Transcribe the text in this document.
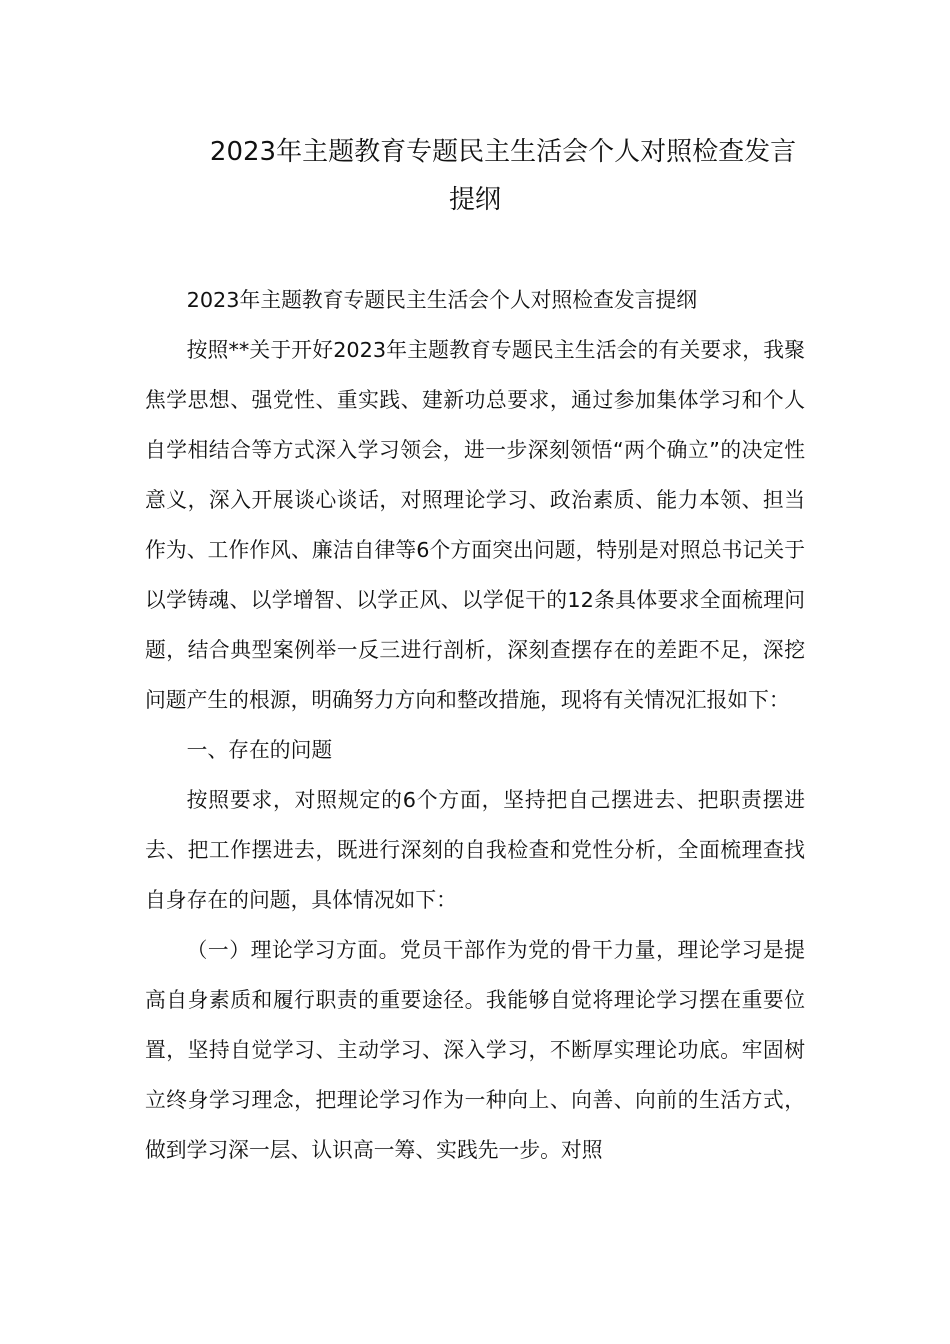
2023年主题教育专题民主生活会个人对照检查发言提纲

2023年主题教育专题民主生活会个人对照检查发言提纲

按照**关于开好2023年主题教育专题民主生活会的有关要求，我聚焦学思想、强党性、重实践、建新功总要求，通过参加集体学习和个人自学相结合等方式深入学习领会，进一步深刻领悟“两个确立”的决定性意义，深入开展谈心谈话，对照理论学习、政治素质、能力本领、担当作为、工作作风、廉洁自律等6个方面突出问题，特别是对照总书记关于以学铸魂、以学增智、以学正风、以学促干的12条具体要求全面梳理问题，结合典型案例举一反三进行剖析，深刻查摆存在的差距不足，深挖问题产生的根源，明确努力方向和整改措施，现将有关情况汇报如下：

一、存在的问题

按照要求，对照规定的6个方面，坚持把自己摆进去、把职责摆进去、把工作摆进去，既进行深刻的自我检查和党性分析，全面梳理查找自身存在的问题，具体情况如下：

（一）理论学习方面。党员干部作为党的骨干力量，理论学习是提高自身素质和履行职责的重要途径。我能够自觉将理论学习摆在重要位置，坚持自觉学习、主动学习、深入学习，不断厚实理论功底。牢固树立终身学习理念，把理论学习作为一种向上、向善、向前的生活方式，做到学习深一层、认识高一筹、实践先一步。对照
